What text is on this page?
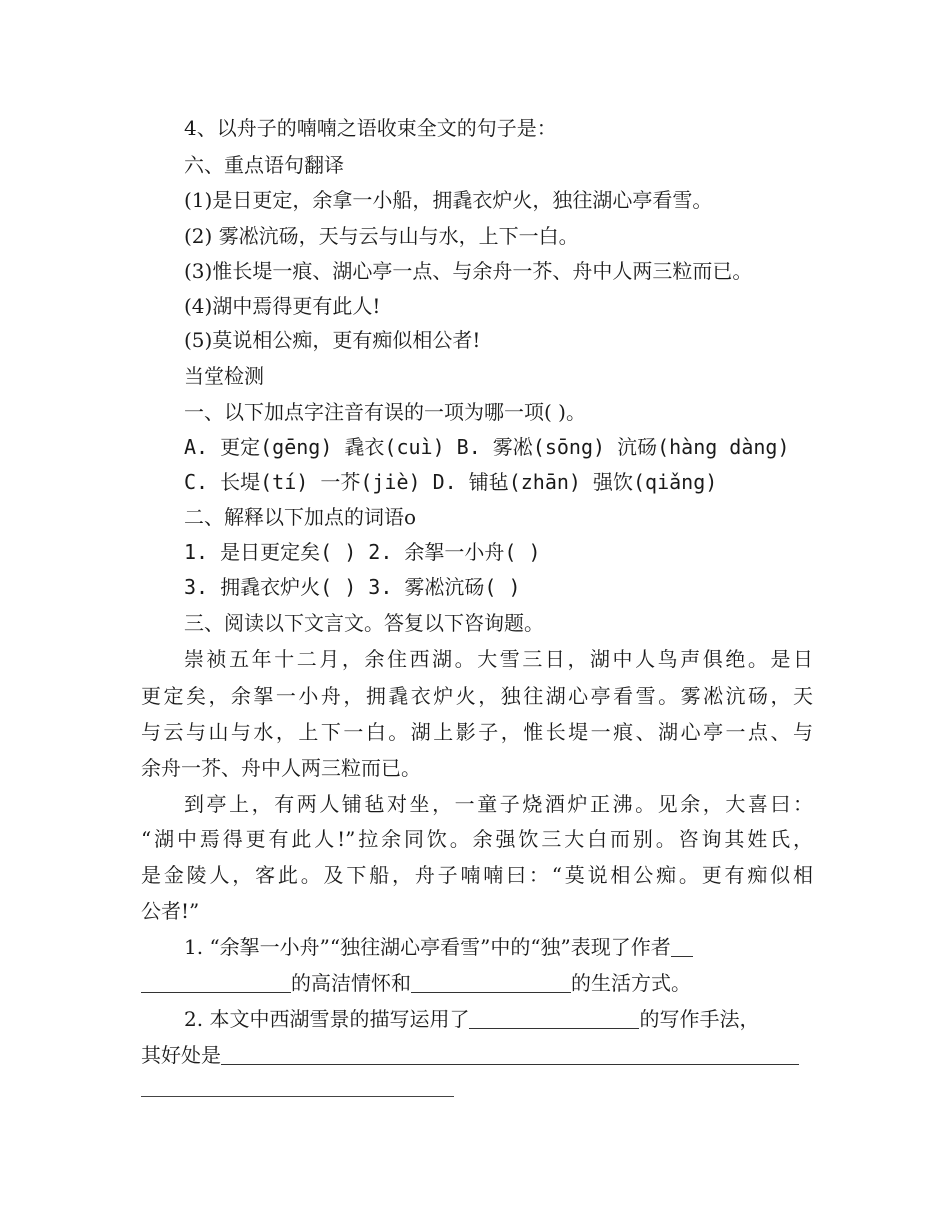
4、以舟子的喃喃之语收束全文的句子是：
六、重点语句翻译
(1)是日更定，余拿一小船，拥毳衣炉火，独往湖心亭看雪。
(2) 雾凇沆砀，天与云与山与水，上下一白。
(3)惟长堤一痕、湖心亭一点、与余舟一芥、舟中人两三粒而已。
(4)湖中焉得更有此人!
(5)莫说相公痴，更有痴似相公者!
当堂检测
一、以下加点字注音有误的一项为哪一项( )。
A. 更定(gēng) 毳衣(cuì) B. 雾凇(sōng) 沆砀(hàng dàng)
C. 长堤(tí) 一芥(jiè) D. 铺毡(zhān) 强饮(qiǎng)
二、解释以下加点的词语o
1. 是日更定矣( ) 2. 余挐一小舟( )
3. 拥毳衣炉火( ) 3. 雾凇沆砀( )
三、阅读以下文言文。答复以下咨询题。
崇祯五年十二月，余住西湖。大雪三日，湖中人鸟声俱绝。是日
更定矣，余挐一小舟，拥毳衣炉火，独往湖心亭看雪。雾凇沆砀，天
与云与山与水，上下一白。湖上影子，惟长堤一痕、湖心亭一点、与
余舟一芥、舟中人两三粒而已。
到亭上，有两人铺毡对坐，一童子烧酒炉正沸。见余，大喜曰：
“湖中焉得更有此人!”拉余同饮。余强饮三大白而别。咨询其姓氏，
是金陵人，客此。及下船，舟子喃喃曰：“莫说相公痴。更有痴似相
公者!”
1. “余挐一小舟”“独往湖心亭看雪”中的“独”表现了作者
的高洁情怀和	的生活方式。
2. 本文中西湖雪景的描写运用了	的写作手法，
其好处是
